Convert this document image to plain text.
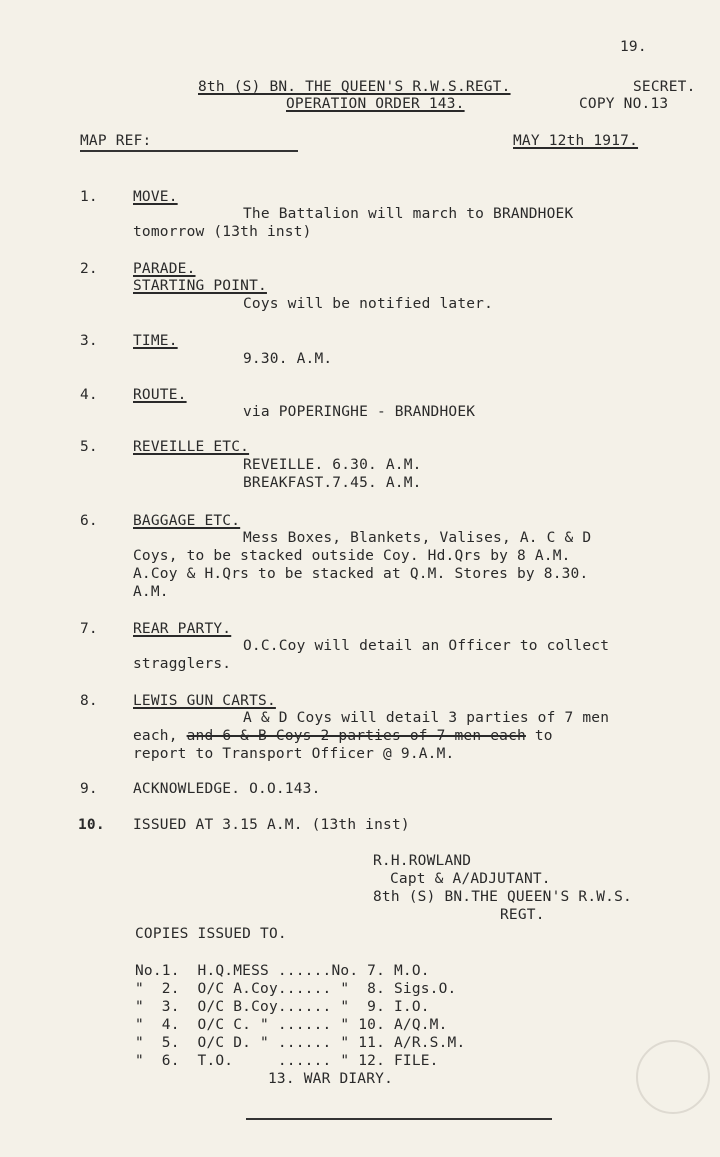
19.
8th (S) BN. THE QUEEN'S R.W.S.REGT.	SECRET.
OPERATION ORDER 143.	COPY NO.13
MAP REF:	MAY 12th 1917.
1. MOVE.
The Battalion will march to BRANDHOEK
tomorrow (13th inst)
2. PARADE.
STARTING POINT.
Coys will be notified later.
3. TIME.
9.30. A.M.
4. ROUTE.
via POPERINGHE - BRANDHOEK
5. REVEILLE ETC.
REVEILLE. 6.30. A.M.
BREAKFAST.7.45. A.M.
6. BAGGAGE ETC.
Mess Boxes, Blankets, Valises, A. C & D
Coys, to be stacked outside Coy. Hd.Qrs by 8 A.M.
A.Coy & H.Qrs to be stacked at Q.M. Stores by 8.30.
A.M.
7. REAR PARTY.
O.C.Coy will detail an Officer to collect
stragglers.
8. LEWIS GUN CARTS.
A & D Coys will detail 3 parties of 7 men
each, and 6 & B Coys 2 parties of 7 men each to
report to Transport Officer @ 9.A.M.
9. ACKNOWLEDGE. O.O.143.
10. ISSUED AT 3.15 A.M. (13th inst)
R.H.ROWLAND
Capt & A/ADJUTANT.
8th (S) BN.THE QUEEN'S R.W.S.
REGT.
COPIES ISSUED TO.
No.1.  H.Q.MESS ......No. 7. M.O.
"  2.  O/C A.Coy...... "  8. Sigs.O.
"  3.  O/C B.Coy...... "  9. I.O.
"  4.  O/C C. " ...... " 10. A/Q.M.
"  5.  O/C D. " ...... " 11. A/R.S.M.
"  6.  T.O.     ...... " 12. FILE.
13. WAR DIARY.
